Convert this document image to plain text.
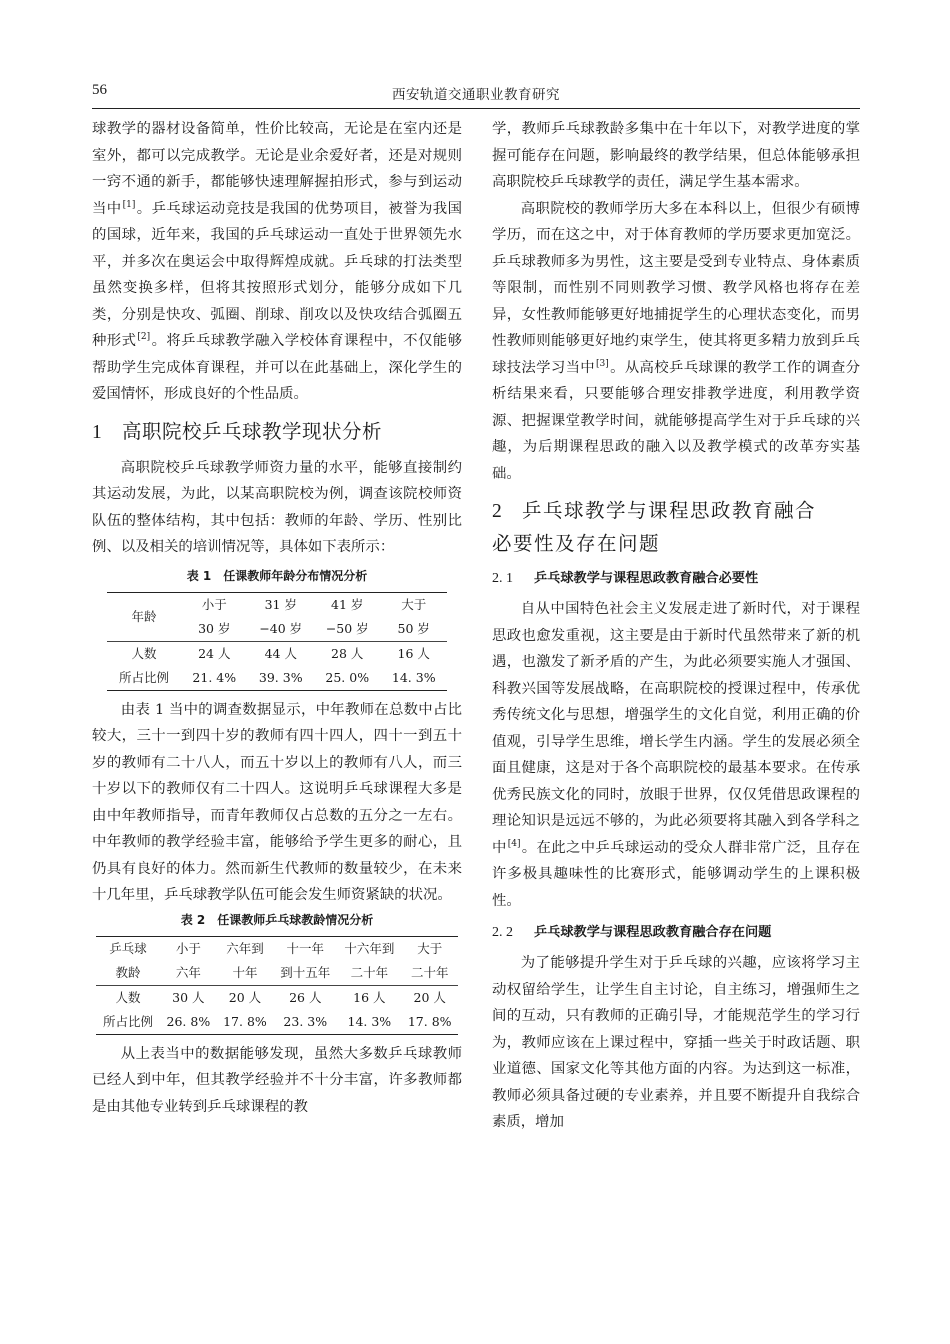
56	西安轨道交通职业教育研究

球教学的器材设备简单，性价比较高，无论是在室内还是室外，都可以完成教学。无论是业余爱好者，还是对规则一窍不通的新手，都能够快速理解握拍形式，参与到运动当中[1]。乒乓球运动竞技是我国的优势项目，被誉为我国的国球，近年来，我国的乒乓球运动一直处于世界领先水平，并多次在奥运会中取得辉煌成就。乒乓球的打法类型虽然变换多样，但将其按照形式划分，能够分成如下几类，分别是快攻、弧圈、削球、削攻以及快攻结合弧圈五种形式[2]。将乒乓球教学融入学校体育课程中，不仅能够帮助学生完成体育课程，并可以在此基础上，深化学生的爱国情怀，形成良好的个性品质。

1 高职院校乒乓球教学现状分析

高职院校乒乓球教学师资力量的水平，能够直接制约其运动发展，为此，以某高职院校为例，调查该院校师资队伍的整体结构，其中包括：教师的年龄、学历、性别比例、以及相关的培训情况等，具体如下表所示：

表 1　任课教师年龄分布情况分析
年龄	小于	31 岁	41 岁	大于
	30 岁	−40 岁	−50 岁	50 岁
人数	24 人	44 人	28 人	16 人
所占比例	21. 4%	39. 3%	25. 0%	14. 3%

由表 1 当中的调查数据显示，中年教师在总数中占比较大，三十一到四十岁的教师有四十四人，四十一到五十岁的教师有二十八人，而五十岁以上的教师有八人，而三十岁以下的教师仅有二十四人。这说明乒乓球课程大多是由中年教师指导，而青年教师仅占总数的五分之一左右。中年教师的教学经验丰富，能够给予学生更多的耐心，且仍具有良好的体力。然而新生代教师的数量较少，在未来十几年里，乒乓球教学队伍可能会发生师资紧缺的状况。

表 2　任课教师乒乓球教龄情况分析
乒乓球	小于	六年到	十一年	十六年到	大于
教龄	六年	十年	到十五年	二十年	二十年
人数	30 人	20 人	26 人	16 人	20 人
所占比例	26. 8%	17. 8%	23. 3%	14. 3%	17. 8%

从上表当中的数据能够发现，虽然大多数乒乓球教师已经人到中年，但其教学经验并不十分丰富，许多教师都是由其他专业转到乒乓球课程的教

学，教师乒乓球教龄多集中在十年以下，对教学进度的掌握可能存在问题，影响最终的教学结果，但总体能够承担高职院校乒乓球教学的责任，满足学生基本需求。

高职院校的教师学历大多在本科以上，但很少有硕博学历，而在这之中，对于体育教师的学历要求更加宽泛。乒乓球教师多为男性，这主要是受到专业特点、身体素质等限制，而性别不同则教学习惯、教学风格也将存在差异，女性教师能够更好地捕捉学生的心理状态变化，而男性教师则能够更好地约束学生，使其将更多精力放到乒乓球技法学习当中[3]。从高校乒乓球课的教学工作的调查分析结果来看，只要能够合理安排教学进度，利用教学资源、把握课堂教学时间，就能够提高学生对于乒乓球的兴趣，为后期课程思政的融入以及教学模式的改革夯实基础。

2 乒乓球教学与课程思政教育融合
必要性及存在问题
2. 1 乒乓球教学与课程思政教育融合必要性

自从中国特色社会主义发展走进了新时代，对于课程思政也愈发重视，这主要是由于新时代虽然带来了新的机遇，也激发了新矛盾的产生，为此必须要实施人才强国、科教兴国等发展战略，在高职院校的授课过程中，传承优秀传统文化与思想，增强学生的文化自觉，利用正确的价值观，引导学生思维，增长学生内涵。学生的发展必须全面且健康，这是对于各个高职院校的最基本要求。在传承优秀民族文化的同时，放眼于世界，仅仅凭借思政课程的理论知识是远远不够的，为此必须要将其融入到各学科之中[4]。在此之中乒乓球运动的受众人群非常广泛，且存在许多极具趣味性的比赛形式，能够调动学生的上课积极性。

2. 2 乒乓球教学与课程思政教育融合存在问题

为了能够提升学生对于乒乓球的兴趣，应该将学习主动权留给学生，让学生自主讨论，自主练习，增强师生之间的互动，只有教师的正确引导，才能规范学生的学习行为，教师应该在上课过程中，穿插一些关于时政话题、职业道德、国家文化等其他方面的内容。为达到这一标准，教师必须具备过硬的专业素养，并且要不断提升自我综合素质，增加
